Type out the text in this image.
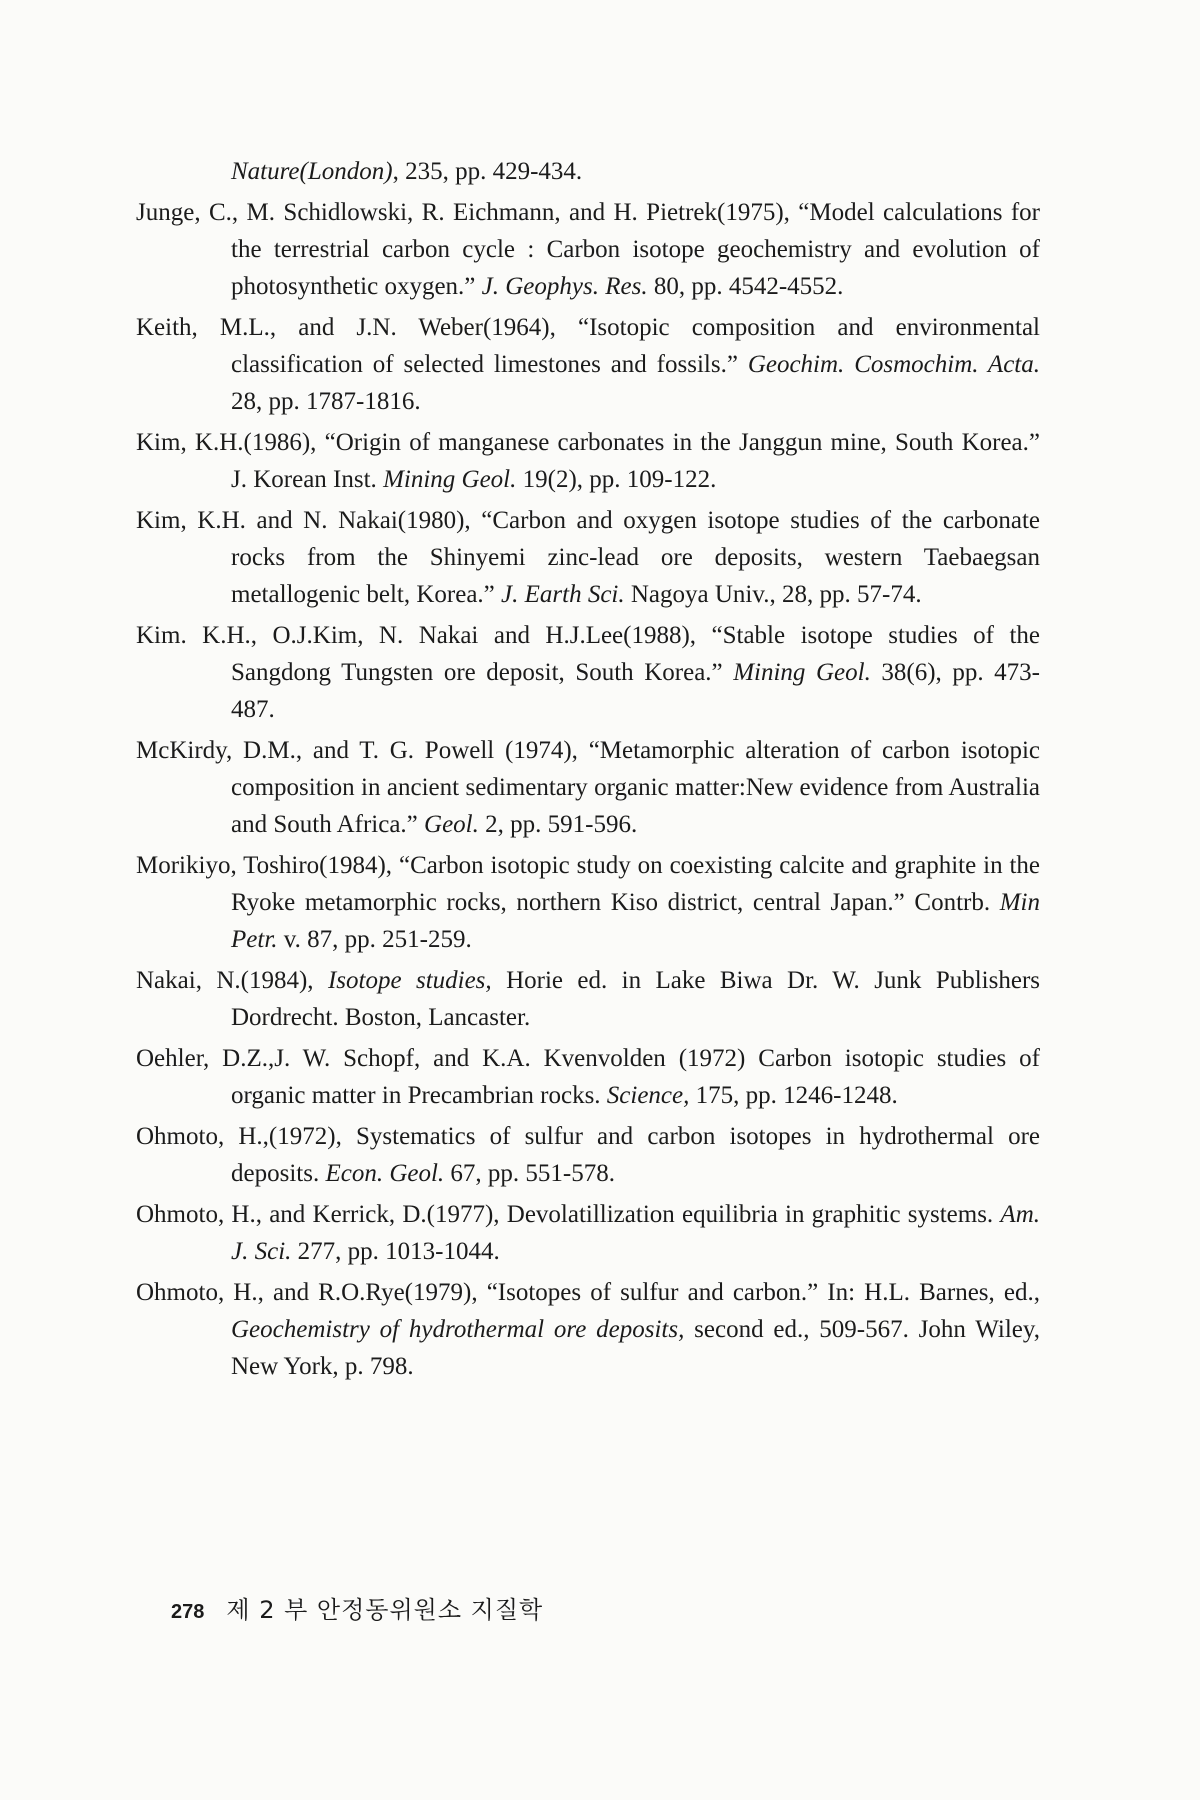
Nature(London), 235, pp. 429-434.

Junge, C., M. Schidlowski, R. Eichmann, and H. Pietrek(1975), “Model calculations for the terrestrial carbon cycle : Carbon isotope geochemistry and evolution of photosynthetic oxygen.” J. Geophys. Res. 80, pp. 4542-4552.

Keith, M.L., and J.N. Weber(1964), “Isotopic composition and environmental classification of selected limestones and fossils.” Geochim. Cosmochim. Acta. 28, pp. 1787-1816.

Kim, K.H.(1986), “Origin of manganese carbonates in the Janggun mine, South Korea.” J. Korean Inst. Mining Geol. 19(2), pp. 109-122.

Kim, K.H. and N. Nakai(1980), “Carbon and oxygen isotope studies of the carbonate rocks from the Shinyemi zinc-lead ore deposits, western Taebaegsan metallogenic belt, Korea.” J. Earth Sci. Nagoya Univ., 28, pp. 57-74.

Kim. K.H., O.J.Kim, N. Nakai and H.J.Lee(1988), “Stable isotope studies of the Sangdong Tungsten ore deposit, South Korea.” Mining Geol. 38(6), pp. 473-487.

McKirdy, D.M., and T. G. Powell (1974), “Metamorphic alteration of carbon isotopic composition in ancient sedimentary organic matter:New evidence from Australia and South Africa.” Geol. 2, pp. 591-596.

Morikiyo, Toshiro(1984), “Carbon isotopic study on coexisting calcite and graphite in the Ryoke metamorphic rocks, northern Kiso district, central Japan.” Contrb. Min Petr. v. 87, pp. 251-259.

Nakai, N.(1984), Isotope studies, Horie ed. in Lake Biwa Dr. W. Junk Publishers Dordrecht. Boston, Lancaster.

Oehler, D.Z.,J. W. Schopf, and K.A. Kvenvolden (1972) Carbon isotopic studies of organic matter in Precambrian rocks. Science, 175, pp. 1246-1248.

Ohmoto, H.,(1972), Systematics of sulfur and carbon isotopes in hydrothermal ore deposits. Econ. Geol. 67, pp. 551-578.

Ohmoto, H., and Kerrick, D.(1977), Devolatillization equilibria in graphitic systems. Am. J. Sci. 277, pp. 1013-1044.

Ohmoto, H., and R.O.Rye(1979), “Isotopes of sulfur and carbon.” In: H.L. Barnes, ed., Geochemistry of hydrothermal ore deposits, second ed., 509-567. John Wiley, New York, p. 798.

278 제 2 부 안정동위원소 지질학
